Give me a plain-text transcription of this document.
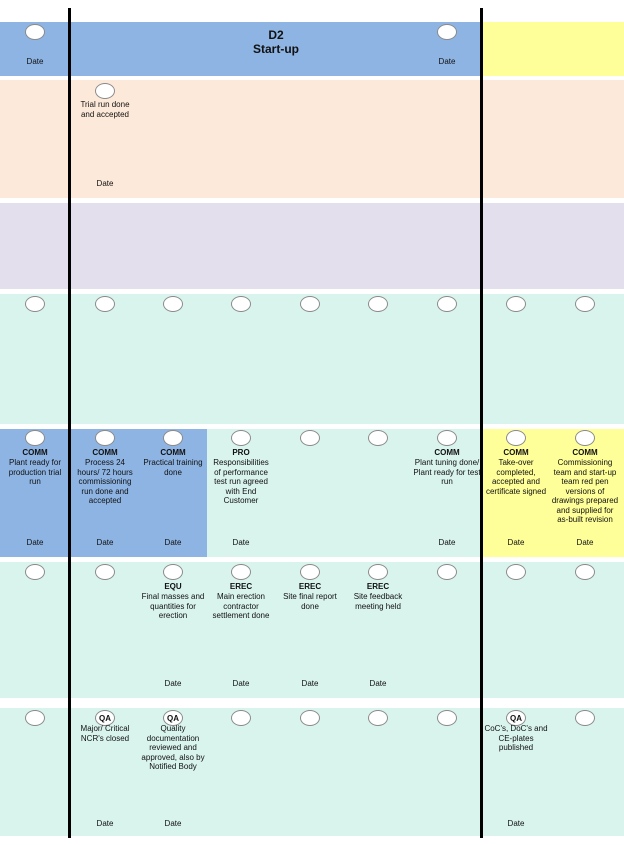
Date
D2
Start-up
Date
Trial run done and accepted
Date
COMM
Plant ready for production trial run
Date
COMM
Process 24 hours/ 72 hours commissioning run done and accepted
Date
COMM
Practical training done
Date
PRO
Responsibilities of performance test run agreed with End Customer
Date
COMM
Plant tuning done/ Plant ready for test run
Date
COMM
Take-over completed, accepted and certificate signed
Date
COMM
Commissioning team and start-up team red pen versions of drawings prepared and supplied for as-built revision
Date
EQU
Final masses and quantities for erection
Date
EREC
Main erection contractor settlement done
Date
EREC
Site final report done
Date
EREC
Site feedback meeting held
Date
QA
Major/ Critical NCR's closed
Date
QA
Quality documentation reviewed and approved, also by Notified Body
Date
QA
CoC's, DoC's and CE-plates published
Date
